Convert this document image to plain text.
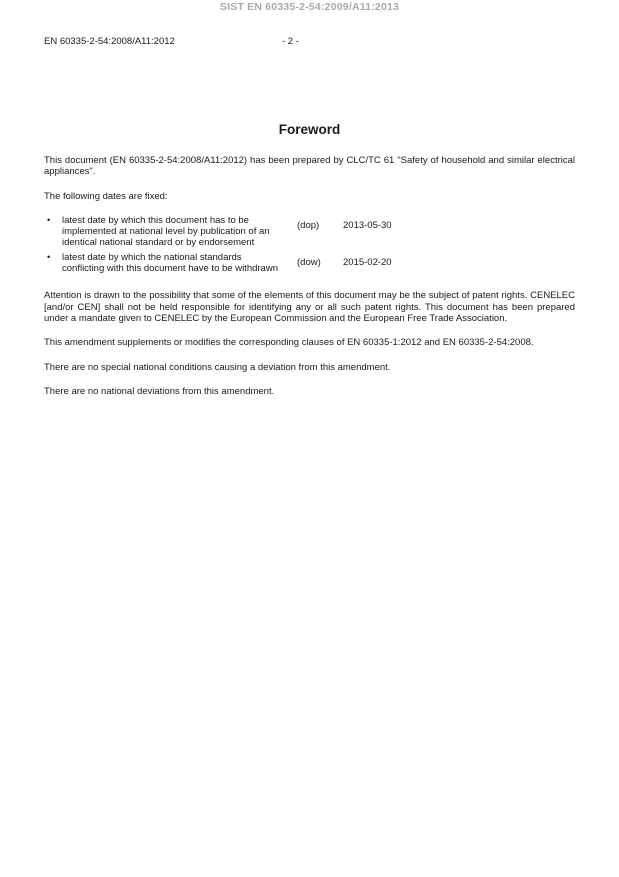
SIST EN 60335-2-54:2009/A11:2013
EN 60335-2-54:2008/A11:2012	- 2 -
Foreword

This document (EN 60335-2-54:2008/A11:2012) has been prepared by CLC/TC 61 "Safety of household and similar electrical appliances".

The following dates are fixed:

• latest date by which this document has to be implemented at national level by publication of an identical national standard or by endorsement
(dop)	2013-05-30
• latest date by which the national standards conflicting with this document have to be withdrawn
(dow)	2015-02-20

Attention is drawn to the possibility that some of the elements of this document may be the subject of patent rights. CENELEC [and/or CEN] shall not be held responsible for identifying any or all such patent rights. This document has been prepared under a mandate given to CENELEC by the European Commission and the European Free Trade Association.

This amendment supplements or modifies the corresponding clauses of EN 60335-1:2012 and EN 60335-2-54:2008.

There are no special national conditions causing a deviation from this amendment.

There are no national deviations from this amendment.
